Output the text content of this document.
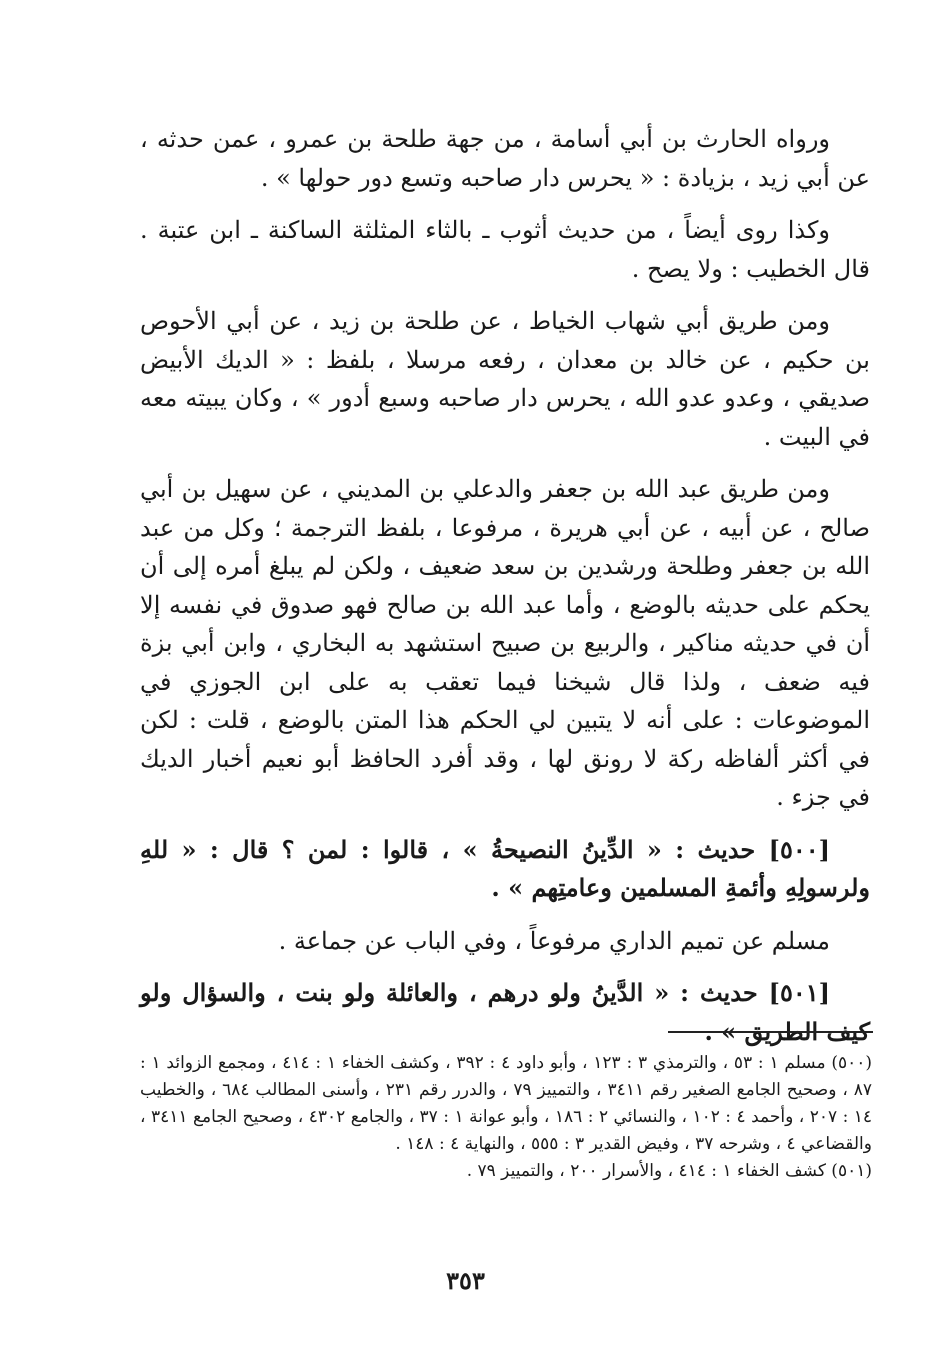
ورواه الحارث بن أبي أسامة ، من جهة طلحة بن عمرو ، عمن حدثه ، عن أبي زيد ، بزيادة : « يحرس دار صاحبه وتسع دور حولها » .

وكذا روى أيضاً ، من حديث أثوب ـ بالثاء المثلثة الساكنة ـ ابن عتبة . قال الخطيب : ولا يصح .

ومن طريق أبي شهاب الخياط ، عن طلحة بن زيد ، عن أبي الأحوص بن حكيم ، عن خالد بن معدان ، رفعه مرسلا ، بلفظ : « الديك الأبيض صديقي ، وعدو عدو الله ، يحرس دار صاحبه وسبع أدور » ، وكان يبيته معه في البيت .

ومن طريق عبد الله بن جعفر والدعلي بن المديني ، عن سهيل بن أبي صالح ، عن أبيه ، عن أبي هريرة ، مرفوعا ، بلفظ الترجمة ؛ وكل من عبد الله بن جعفر وطلحة ورشدين بن سعد ضعيف ، ولكن لم يبلغ أمره إلى أن يحكم على حديثه بالوضع ، وأما عبد الله بن صالح فهو صدوق في نفسه إلا أن في حديثه مناكير ، والربيع بن صبيح استشهد به البخاري ، وابن أبي بزة فيه ضعف ، ولذا قال شيخنا فيما تعقب به على ابن الجوزي في الموضوعات : على أنه لا يتبين لي الحكم هذا المتن بالوضع ، قلت : لكن في أكثر ألفاظه ركة لا رونق لها ، وقد أفرد الحافظ أبو نعيم أخبار الديك في جزء .

[٥٠٠] حديث : « الدِّينُ النصيحةُ » ، قالوا : لمن ؟ قال : « للهِ ولرسولِهِ وأئمةِ المسلمين وعامتِهم » .

مسلم عن تميم الداري مرفوعاً ، وفي الباب عن جماعة .

[٥٠١] حديث : « الدَّينُ ولو درهم ، والعائلة ولو بنت ، والسؤال ولو كيف الطريق » .

(٥٠٠) مسلم ١ : ٥٣ ، والترمذي ٣ : ١٢٣ ، وأبو داود ٤ : ٣٩٢ ، وكشف الخفاء ١ : ٤١٤ ، ومجمع الزوائد ١ : ٨٧ ، وصحيح الجامع الصغير رقم ٣٤١١ ، والتمييز ٧٩ ، والدرر رقم ٢٣١ ، وأسنى المطالب ٦٨٤ ، والخطيب ١٤ : ٢٠٧ ، وأحمد ٤ : ١٠٢ ، والنسائي ٢ : ١٨٦ ، وأبو عوانة ١ : ٣٧ ، والجامع ٤٣٠٢ ، وصحيح الجامع ٣٤١١ ، والقضاعي ٤ ، وشرحه ٣٧ ، وفيض القدير ٣ : ٥٥٥ ، والنهاية ٤ : ١٤٨ .

(٥٠١) كشف الخفاء ١ : ٤١٤ ، والأسرار ٢٠٠ ، والتمييز ٧٩ .

٣٥٣
